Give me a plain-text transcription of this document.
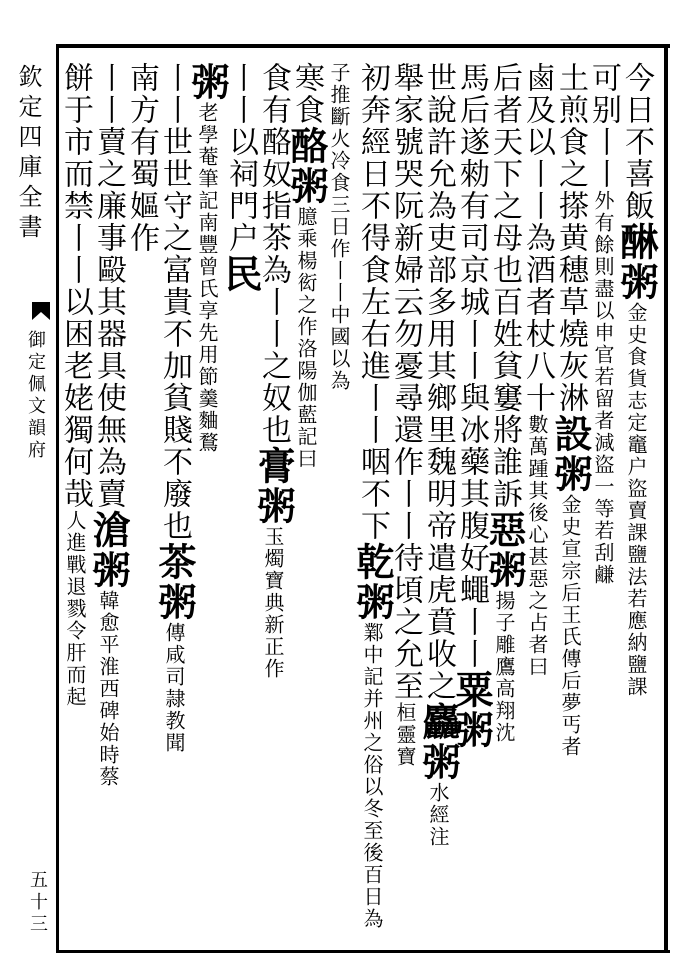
欽定四庫全書
御定佩文韻府
五十三
今日不喜飯醂粥金史食貨志定竈户盜賣課鹽法若應納鹽課
可别丨丨外有餘則盡以申官若留者減盜一等若刮鹻
土煎食之搽黄穗草燒灰淋設粥金史宣宗后王氏傳后夢丐者
鹵及以丨丨為酒者杖八十數萬踵其後心甚惡之占者曰
后者天下之母也百姓貧窶將誰訴惡粥揚子雕鷹高翔沈
馬后遂勑有司京城丨丨與冰藥其腹好蠅丨丨粟粥
世說許允為吏部多用其鄉里魏明帝遣虎賁收之麤粥水經注
舉家號哭阮新婦云勿憂尋還作丨丨待頃之允至桓靈寶
初奔經日不得食左右進丨丨咽不下乾粥鄴中記并州之俗以冬至後百日為
子推斷火冷食三日作丨丨中國以為
寒食酪粥臆乘楊衒之作洛陽伽藍記曰
食有酪奴指茶為丨丨之奴也膏粥玉燭寶典新正作
丨丨以祠門户民
粥老學菴筆記南豐曾氏享先用節羹麯鶩
丨丨世世守之富貴不加貧賤不廢也茶粥傳咸司隷教聞
南方有蜀嫗作
丨丨賣之廉事毆其器具使無為賣滄粥韓愈平淮西碑始時蔡
餅于市而禁丨丨以困老姥獨何哉人進戰退戮令肝而起
